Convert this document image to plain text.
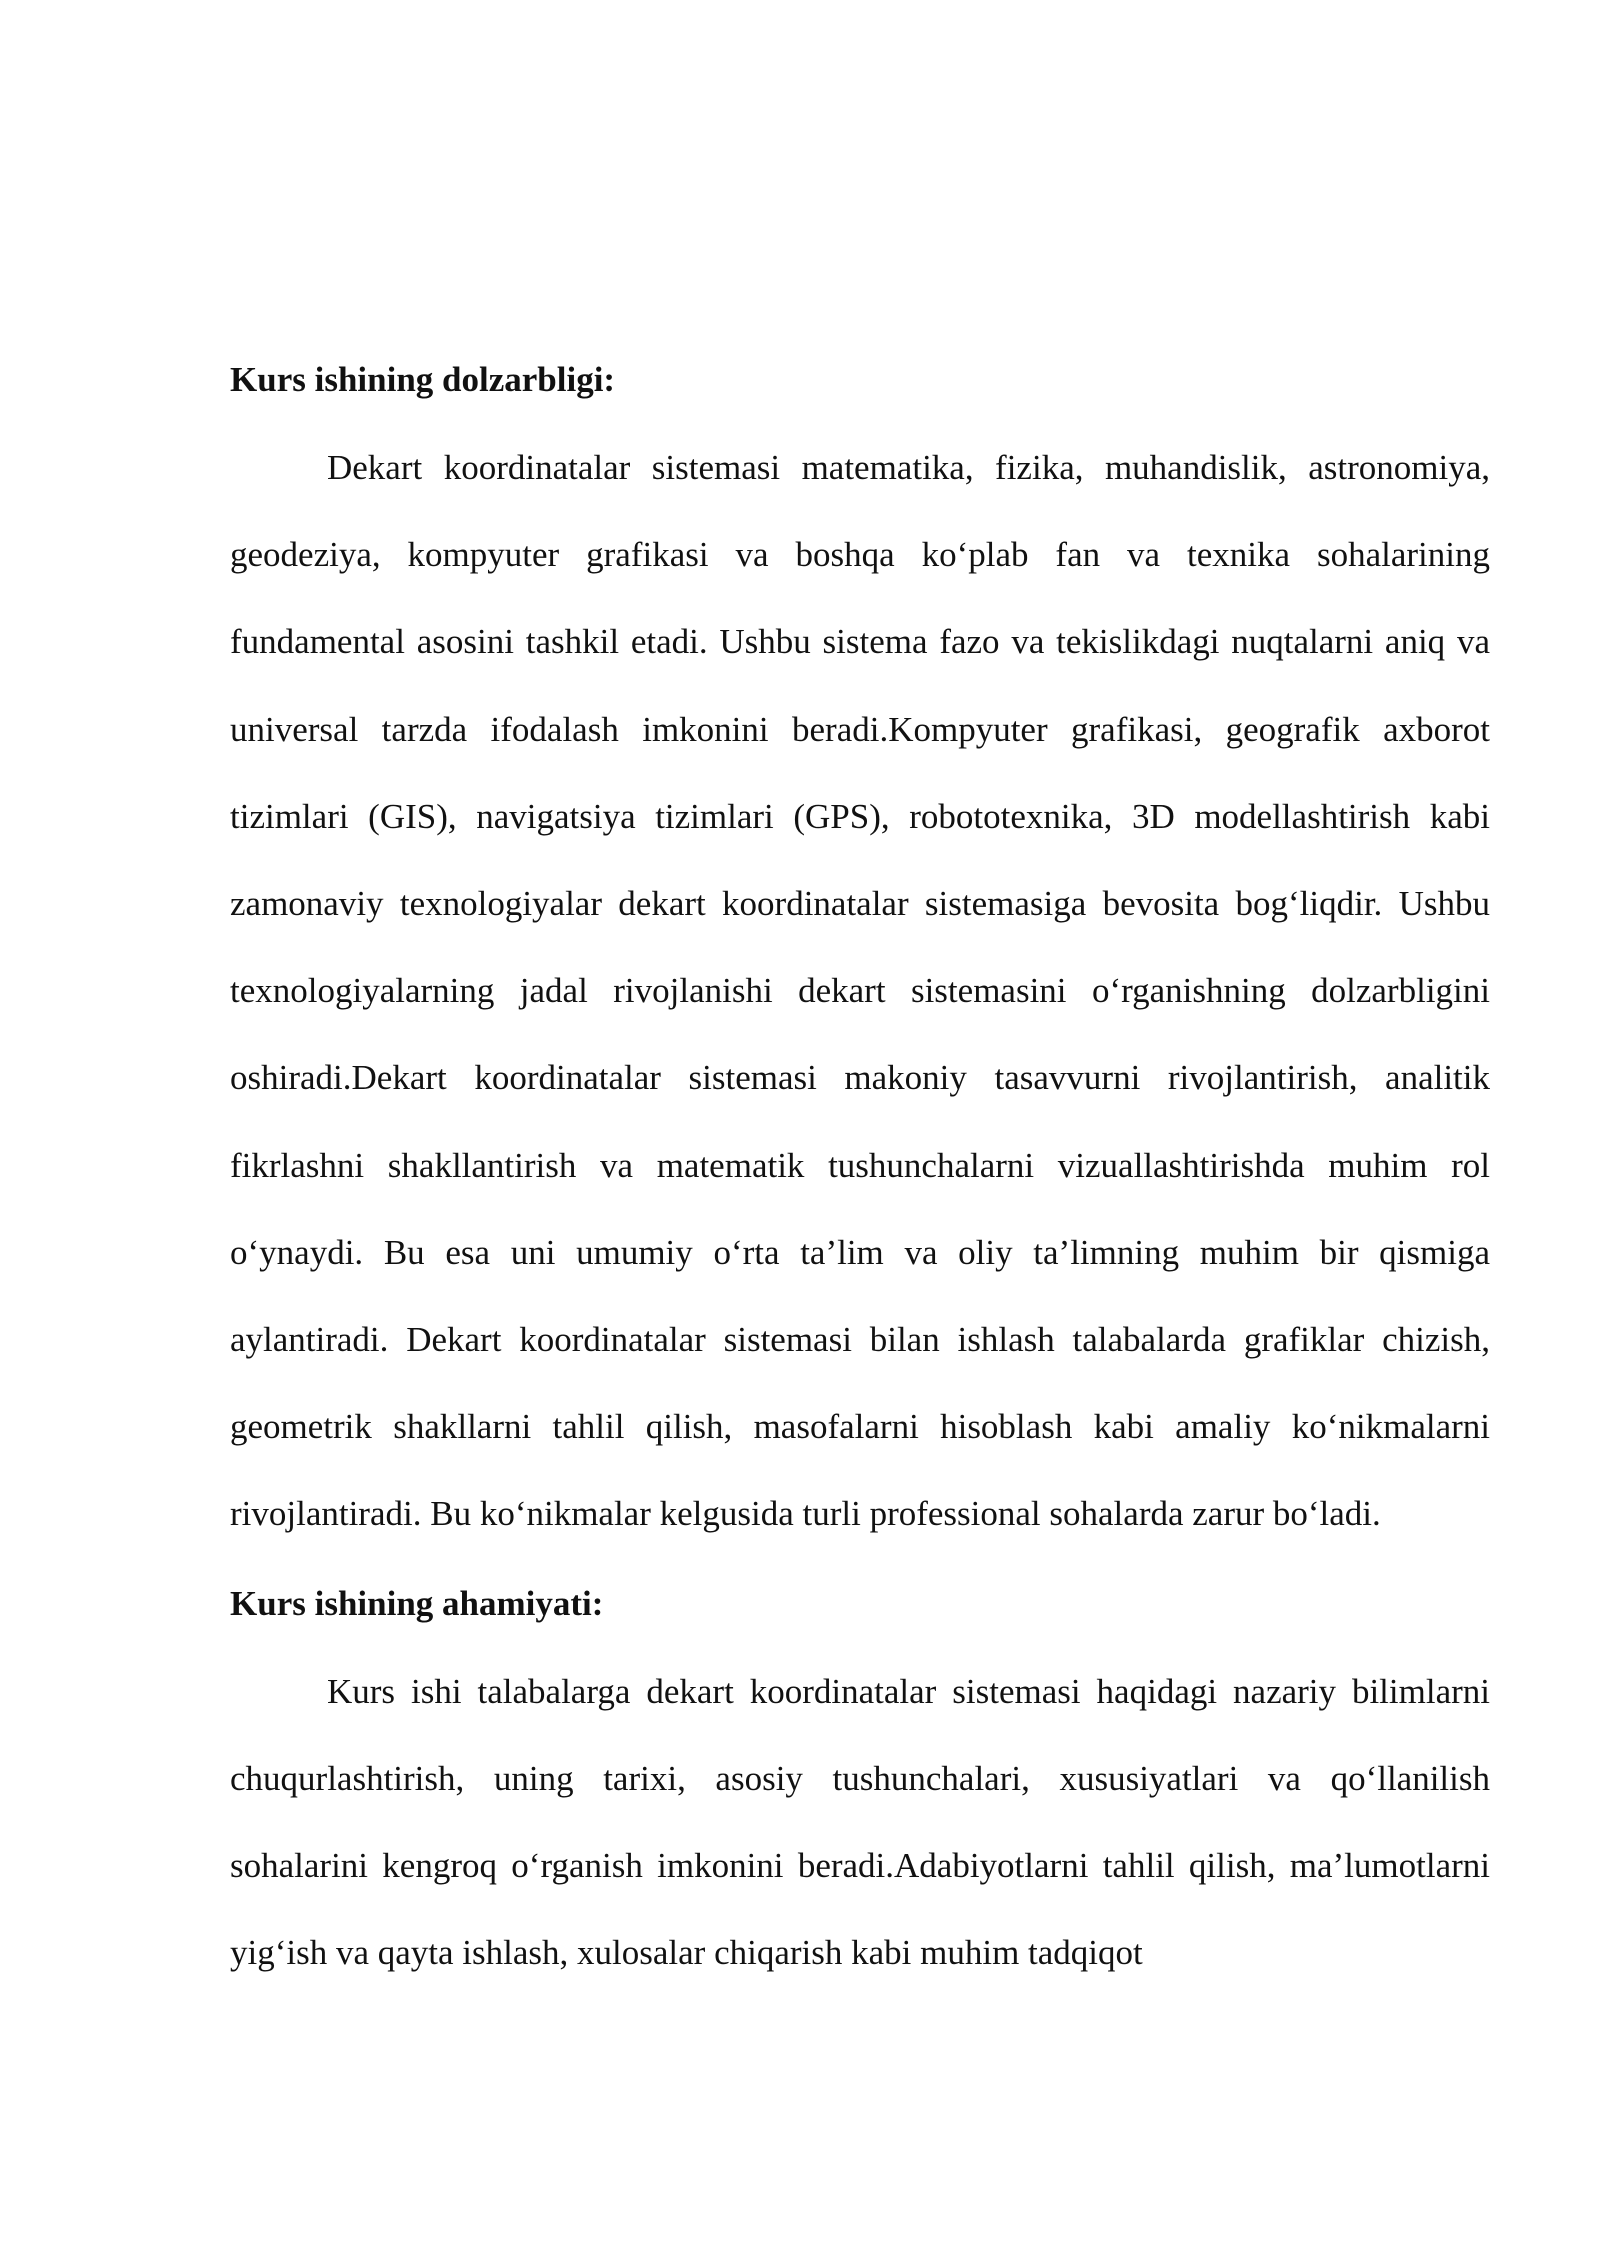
Kurs ishining dolzarbligi:

Dekart koordinatalar sistemasi matematika, fizika, muhandislik, astronomiya, geodeziya, kompyuter grafikasi va boshqa ko‘plab fan va texnika sohalarining fundamental asosini tashkil etadi. Ushbu sistema fazo va tekislikdagi nuqtalarni aniq va universal tarzda ifodalash imkonini beradi.Kompyuter grafikasi, geografik axborot tizimlari (GIS), navigatsiya tizimlari (GPS), robototexnika, 3D modellashtirish kabi zamonaviy texnologiyalar dekart koordinatalar sistemasiga bevosita bog‘liqdir. Ushbu texnologiyalarning jadal rivojlanishi dekart sistemasini o‘rganishning dolzarbligini oshiradi.Dekart koordinatalar sistemasi makoniy tasavvurni rivojlantirish, analitik fikrlashni shakllantirish va matematik tushunchalarni vizuallashtirishda muhim rol o‘ynaydi. Bu esa uni umumiy o‘rta ta’lim va oliy ta’limning muhim bir qismiga aylantiradi. Dekart koordinatalar sistemasi bilan ishlash talabalarda grafiklar chizish, geometrik shakllarni tahlil qilish, masofalarni hisoblash kabi amaliy ko‘nikmalarni rivojlantiradi. Bu ko‘nikmalar kelgusida turli professional sohalarda zarur bo‘ladi.

Kurs ishining ahamiyati:

Kurs ishi talabalarga dekart koordinatalar sistemasi haqidagi nazariy bilimlarni chuqurlashtirish, uning tarixi, asosiy tushunchalari, xususiyatlari va qo‘llanilish sohalarini kengroq o‘rganish imkonini beradi.Adabiyotlarni tahlil qilish, ma’lumotlarni yig‘ish va qayta ishlash, xulosalar chiqarish kabi muhim tadqiqot
